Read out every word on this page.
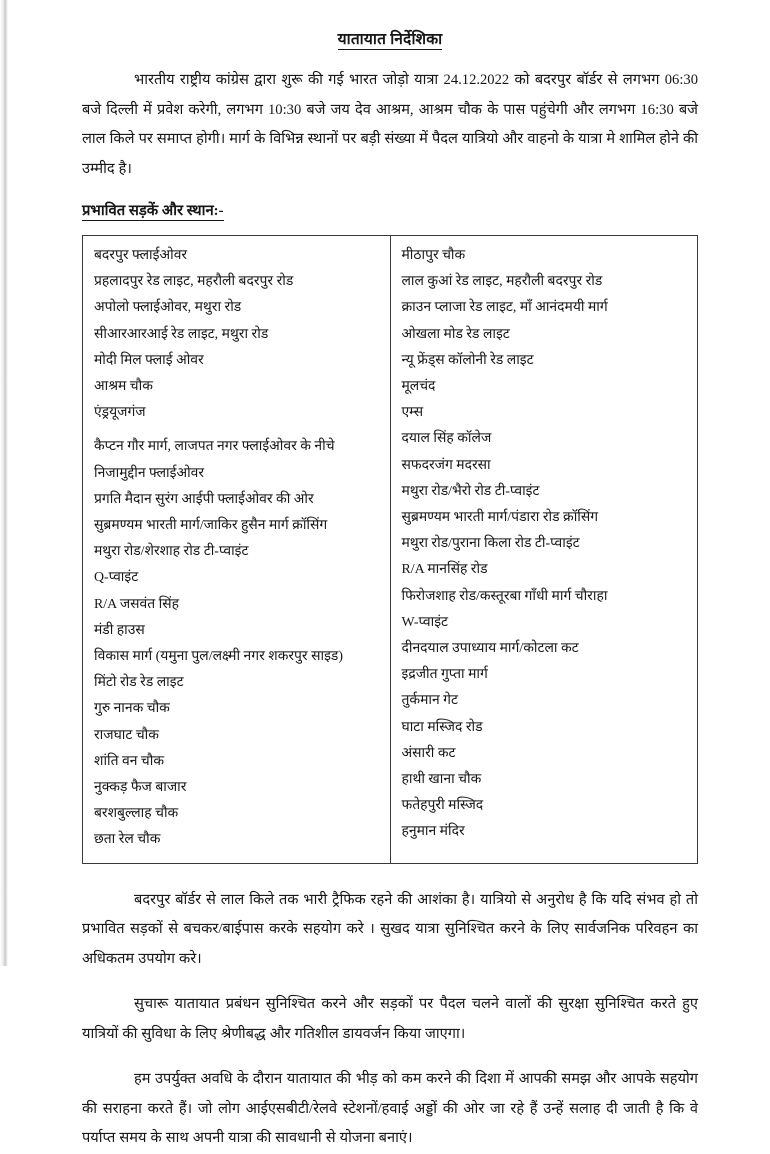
यातायात निर्देशिका

भारतीय राष्ट्रीय कांग्रेस द्वारा शुरू की गई भारत जोड़ो यात्रा 24.12.2022 को बदरपुर बॉर्डर से लगभग 06:30 बजे दिल्ली में प्रवेश करेगी, लगभग 10:30 बजे जय देव आश्रम, आश्रम चौक के पास पहुंचेगी और लगभग 16:30 बजे लाल किले पर समाप्त होगी। मार्ग के विभिन्न स्थानों पर बड़ी संख्या में पैदल यात्रियो और वाहनो के यात्रा मे शामिल होने की उम्मीद है।

प्रभावित सड़कें और स्थान:-
बदरपुर फ्लाईओवर
प्रहलादपुर रेड लाइट, महरौली बदरपुर रोड
अपोलो फ्लाईओवर, मथुरा रोड
सीआरआरआई रेड लाइट, मथुरा रोड
मोदी मिल फ्लाई ओवर
आश्रम चौक
एंड्रयूजगंज
कैप्टन गौर मार्ग, लाजपत नगर फ्लाईओवर के नीचे
निजामुद्दीन फ्लाईओवर
प्रगति मैदान सुरंग आईपी फ्लाईओवर की ओर
सुब्रमण्यम भारती मार्ग/जाकिर हुसैन मार्ग क्रॉसिंग
मथुरा रोड/शेरशाह रोड टी-प्वाइंट
Q-प्वाइंट
R/A जसवंत सिंह
मंडी हाउस
विकास मार्ग (यमुना पुल/लक्ष्मी नगर शकरपुर साइड)
मिंटो रोड रेड लाइट
गुरु नानक चौक
राजघाट चौक
शांति वन चौक
नुक्कड़ फैज बाजार
बरशबुल्लाह चौक
छता रेल चौक

मीठापुर चौक
लाल कुआं रेड लाइट, महरौली बदरपुर रोड
क्राउन प्लाजा रेड लाइट, माँ आनंदमयी मार्ग
ओखला मोड रेड लाइट
न्यू फ्रेंड्स कॉलोनी रेड लाइट
मूलचंद
एम्स
दयाल सिंह कॉलेज
सफदरजंग मदरसा
मथुरा रोड/भैरो रोड टी-प्वाइंट
सुब्रमण्यम भारती मार्ग/पंडारा रोड क्रॉसिंग
मथुरा रोड/पुराना किला रोड टी-प्वाइंट
R/A मानसिंह रोड
फिरोजशाह रोड/कस्तूरबा गाँधी मार्ग चौराहा
W-प्वाइंट
दीनदयाल उपाध्याय मार्ग/कोटला कट
इद्रजीत गुप्ता मार्ग
तुर्कमान गेट
घाटा मस्जिद रोड
अंसारी कट
हाथी खाना चौक
फतेहपुरी मस्जिद
हनुमान मंदिर

बदरपुर बॉर्डर से लाल किले तक भारी ट्रैफिक रहने की आशंका है। यात्रियो से अनुरोध है कि यदि संभव हो तो प्रभावित सड़कों से बचकर/बाईपास करके सहयोग करे । सुखद यात्रा सुनिश्चित करने के लिए सार्वजनिक परिवहन का अधिकतम उपयोग करे।

सुचारू यातायात प्रबंधन सुनिश्चित करने और सड़कों पर पैदल चलने वालों की सुरक्षा सुनिश्चित करते हुए यात्रियों की सुविधा के लिए श्रेणीबद्ध और गतिशील डायवर्जन किया जाएगा।

हम उपर्युक्त अवधि के दौरान यातायात की भीड़ को कम करने की दिशा में आपकी समझ और आपके सहयोग की सराहना करते हैं। जो लोग आईएसबीटी/रेलवे स्टेशनों/हवाई अड्डों की ओर जा रहे हैं उन्हें सलाह दी जाती है कि वे पर्याप्त समय के साथ अपनी यात्रा की सावधानी से योजना बनाएं।
